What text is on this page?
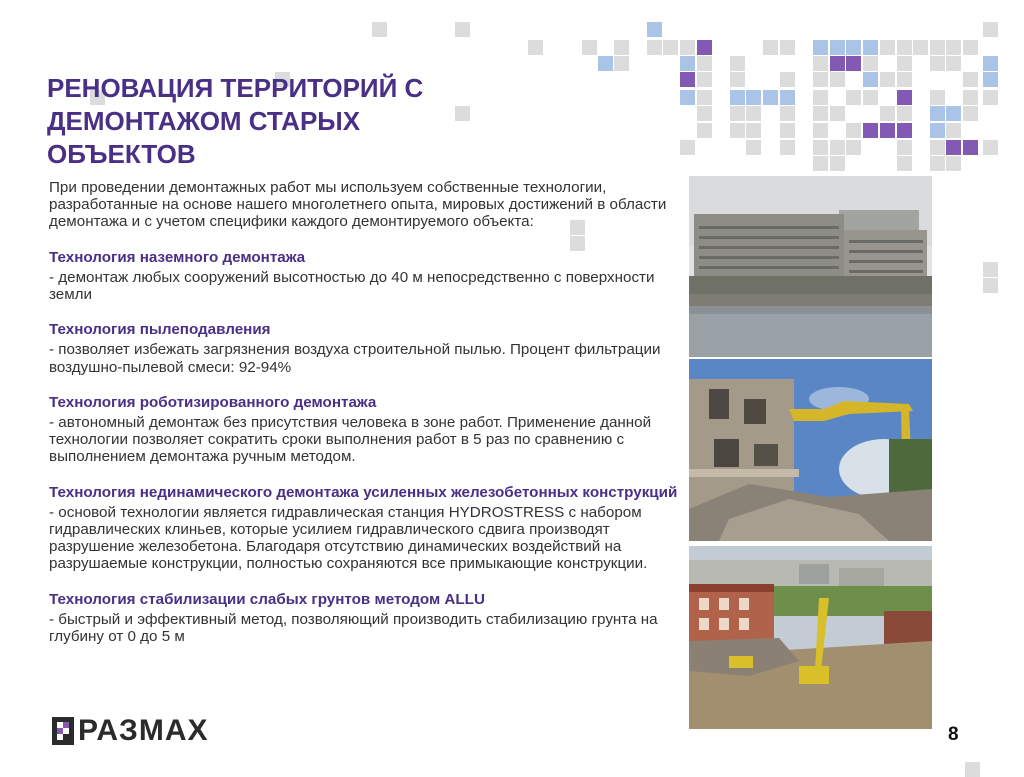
РЕНОВАЦИЯ ТЕРРИТОРИЙ С
ДЕМОНТАЖОМ СТАРЫХ
ОБЪЕКТОВ

При проведении демонтажных работ мы используем собственные технологии, разработанные на основе нашего многолетнего опыта, мировых достижений в области демонтажа и с учетом специфики каждого демонтируемого объекта:

Технология наземного демонтажа

- демонтаж любых сооружений высотностью до 40 м непосредственно с поверхности земли

Технология пылеподавления

- позволяет избежать загрязнения воздуха строительной пылью. Процент фильтрации воздушно-пылевой смеси: 92-94%

Технология роботизированного демонтажа

- автономный демонтаж без присутствия человека в зоне работ. Применение данной технологии позволяет сократить сроки выполнения работ в 5 раз по сравнению с выполнением демонтажа ручным методом.

Технология нединамического демонтажа усиленных железобетонных конструкций

- основой технологии является гидравлическая станция HYDROSTRESS с набором гидравлических клиньев, которые усилием гидравлического сдвига производят разрушение железобетона. Благодаря отсутствию динамических воздействий на разрушаемые конструкции, полностью сохраняются все примыкающие конструкции.

Технология стабилизации слабых грунтов методом ALLU

- быстрый и эффективный метод, позволяющий производить стабилизацию грунта на глубину от 0 до 5 м

РАЗМАХ	8
